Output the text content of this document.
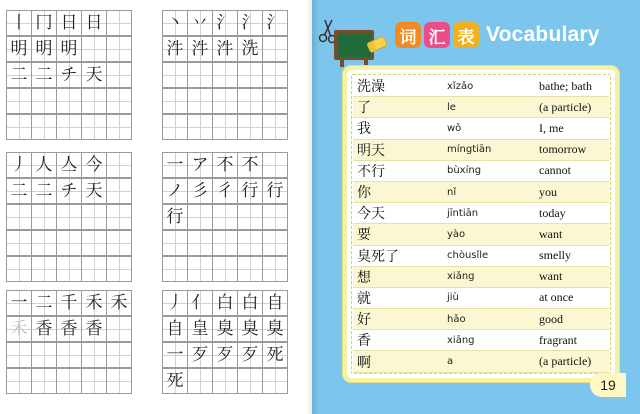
丨 冂 日 日
明 明 明
二 二 チ 天
丶 丷 氵 氵 氵
汼 汼 汼 洗
丿 人 亼 今
二 二 チ 天
一 ア 不 不
ノ 彡 彳 行 行
行
一 二 千 禾 禾
禾 香 香 香
丿 亻 白 白 自
自 皇 臭 臭 臭
一 歹 歹 歹 死
死
词 汇 表 Vocabulary
洗澡	xǐzǎo	bathe; bath
了	le	(a particle)
我	wǒ	I, me
明天	míngtiān	tomorrow
不行	bùxíng	cannot
你	nǐ	you
今天	jīntiān	today
要	yào	want
臭死了	chòusǐle	smelly
想	xiǎng	want
就	jiù	at once
好	hǎo	good
香	xiāng	fragrant
啊	a	(a particle)
19
